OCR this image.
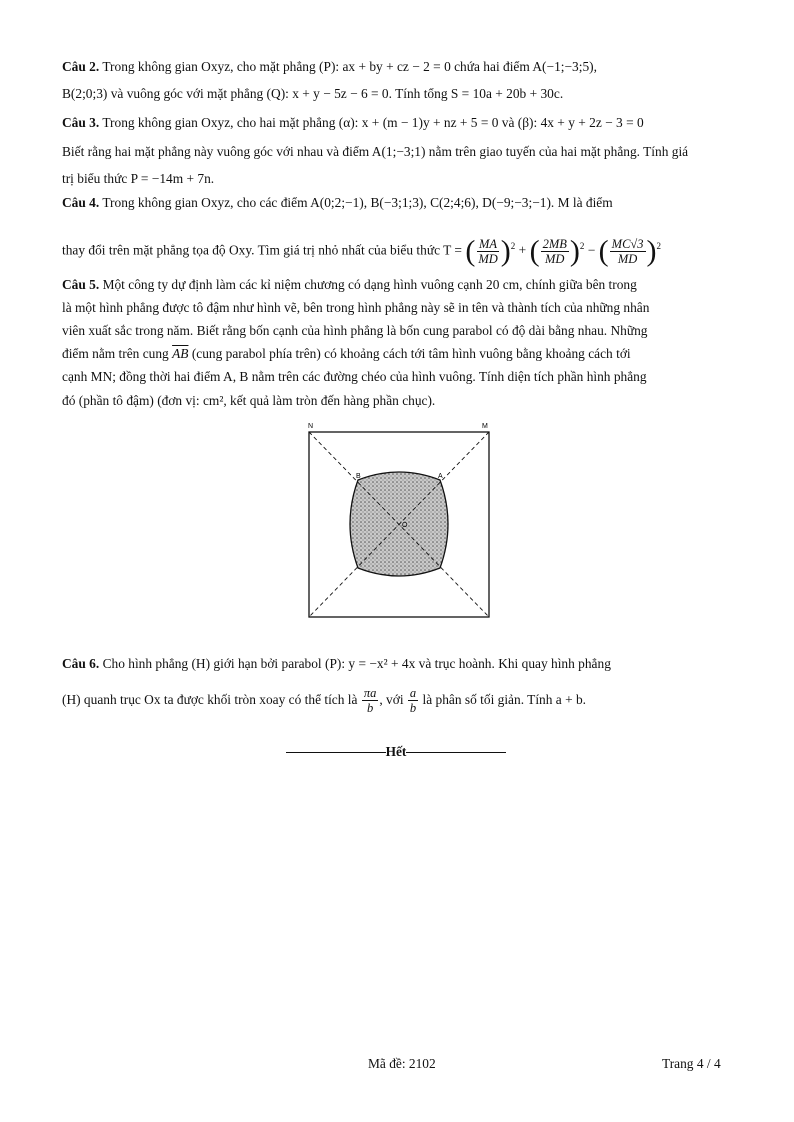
Câu 2. Trong không gian Oxyz, cho mặt phẳng (P): ax + by + cz − 2 = 0 chứa hai điểm A(−1;−3;5),
B(2;0;3) và vuông góc với mặt phẳng (Q): x + y − 5z − 6 = 0. Tính tổng S = 10a + 20b + 30c.
Câu 3. Trong không gian Oxyz, cho hai mặt phẳng (α): x + (m − 1)y + nz + 5 = 0 và (β): 4x + y + 2z − 3 = 0
Biết rằng hai mặt phẳng này vuông góc với nhau và điểm A(1;−3;1) nằm trên giao tuyến của hai mặt phẳng. Tính giá
trị biểu thức P = −14m + 7n.
Câu 4. Trong không gian Oxyz, cho các điểm A(0;2;−1), B(−3;1;3), C(2;4;6), D(−9;−3;−1). M là điểm
thay đổi trên mặt phẳng tọa độ Oxy. Tìm giá trị nhỏ nhất của biểu thức T = ( $\frac{MA}{MD} )^2$ + ( $\frac{2MB}{MD} )^2$ − ( $\frac{MC√3}{MD} )^2$
Câu 5. Một công ty dự định làm các kỉ niệm chương có dạng hình vuông cạnh 20 cm, chính giữa bên trong
là một hình phẳng được tô đậm như hình vẽ, bên trong hình phẳng này sẽ in tên và thành tích của những nhân
viên xuất sắc trong năm. Biết rằng bốn cạnh của hình phẳng là bốn cung parabol có độ dài bằng nhau. Những
điểm nằm trên cung $\overline{AB}$ (cung parabol phía trên) có khoảng cách tới tâm hình vuông bằng khoảng cách tới
cạnh MN; đồng thời hai điểm A, B nằm trên các đường chéo của hình vuông. Tính diện tích phần hình phẳng
đó (phần tô đậm) (đơn vị: cm², kết quả làm tròn đến hàng phần chục).
N	M
B	A
O
Câu 6. Cho hình phẳng (H) giới hạn bởi parabol (P): y = −x² + 4x và trục hoành. Khi quay hình phẳng
(H) quanh trục Ox ta được khối tròn xoay có thể tích là $\frac{\pi a}{b}$ , với $\frac{a}{b}$ là phân số tối giản. Tính a + b.
Hết
Mã đề: 2102	Trang 4 / 4
